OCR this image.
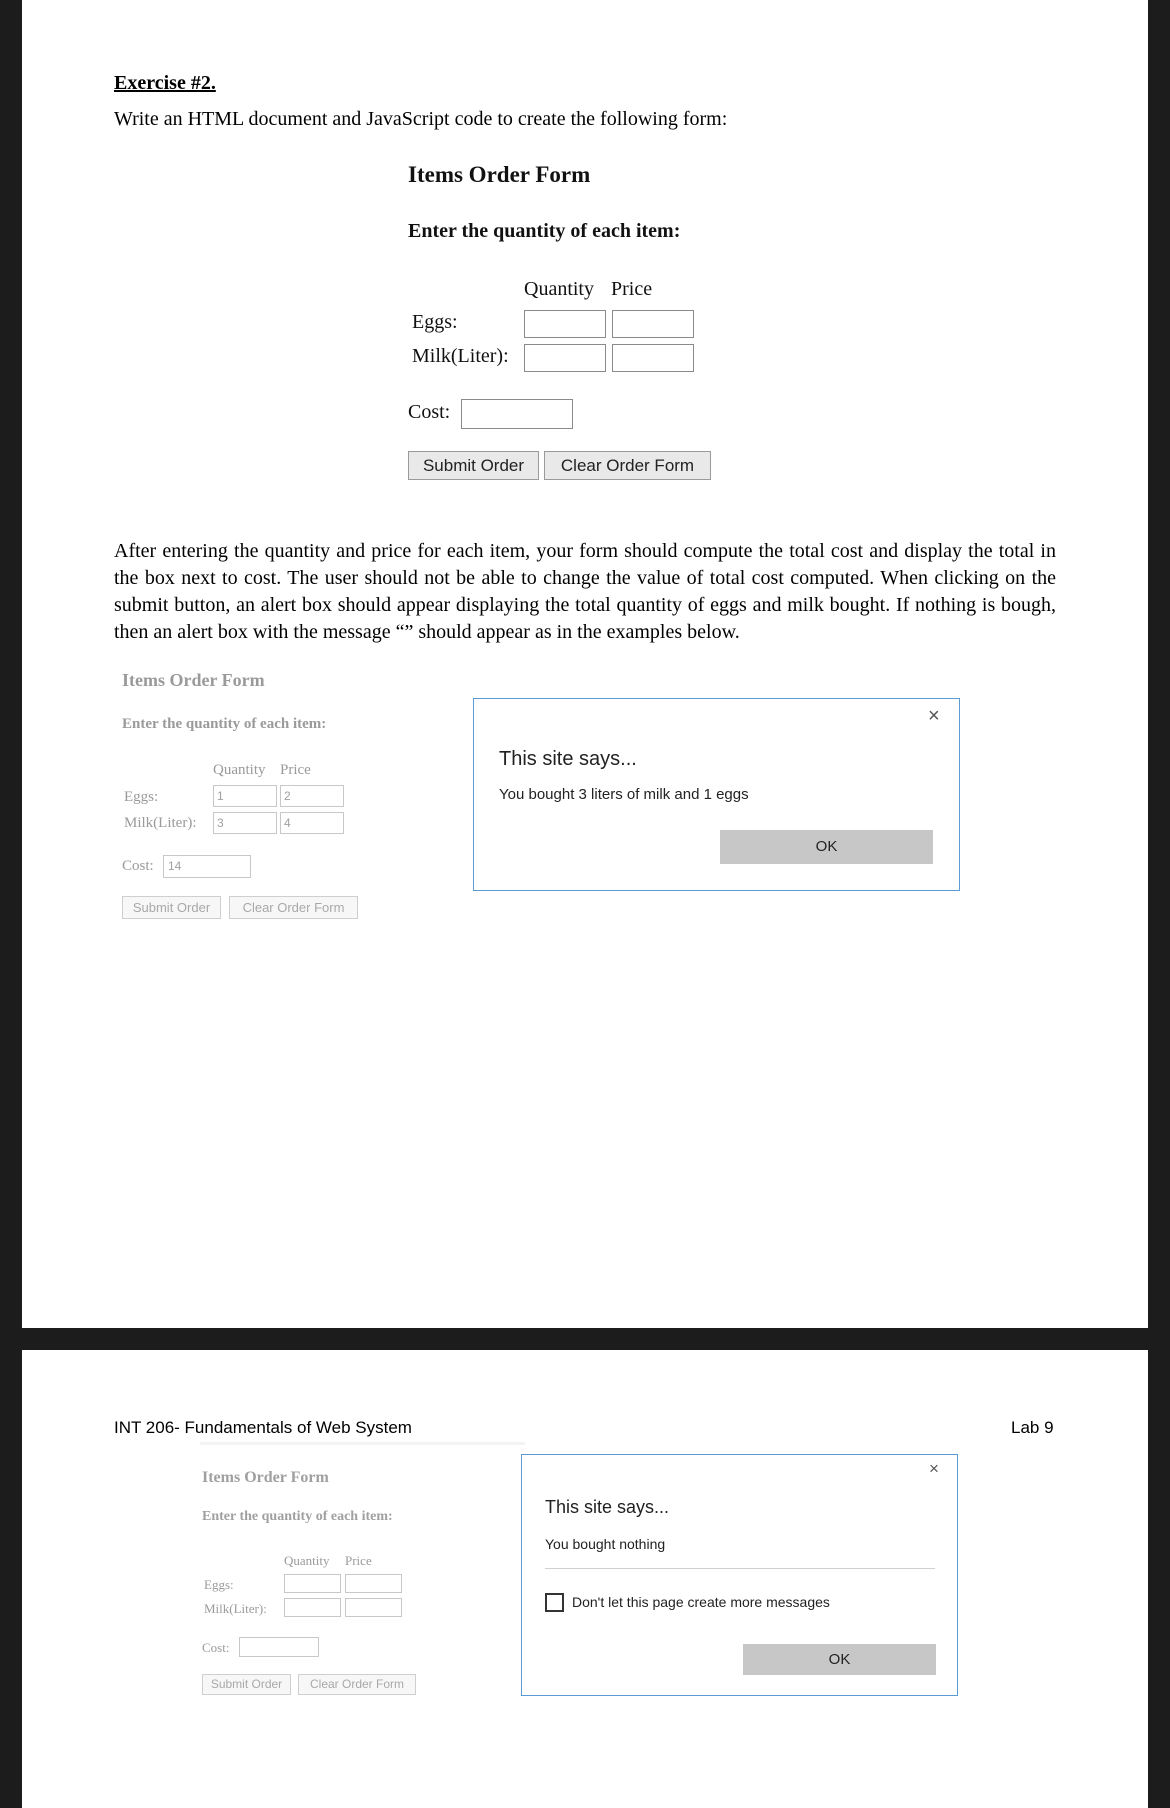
Exercise #2.
Write an HTML document and JavaScript code to create the following form:
Items Order Form
Enter the quantity of each item:
Quantity Price
Eggs:
Milk(Liter):
Cost:
Submit Order	Clear Order Form
After entering the quantity and price for each item, your form should compute the total cost and display the total in the box next to cost. The user should not be able to change the value of total cost computed. When clicking on the submit button, an alert box should appear displaying the total quantity of eggs and milk bought. If nothing is bough, then an alert box with the message “” should appear as in the examples below.
Items Order Form
Enter the quantity of each item:
Quantity Price
Eggs:	1	2
Milk(Liter):	3	4
Cost:	14
Submit Order	Clear Order Form
×
This site says...
You bought 3 liters of milk and 1 eggs
OK
INT 206- Fundamentals of Web System	Lab 9
Items Order Form
Enter the quantity of each item:
Quantity Price
Eggs:
Milk(Liter):
Cost:
Submit Order	Clear Order Form
×
This site says...
You bought nothing
Don't let this page create more messages
OK
